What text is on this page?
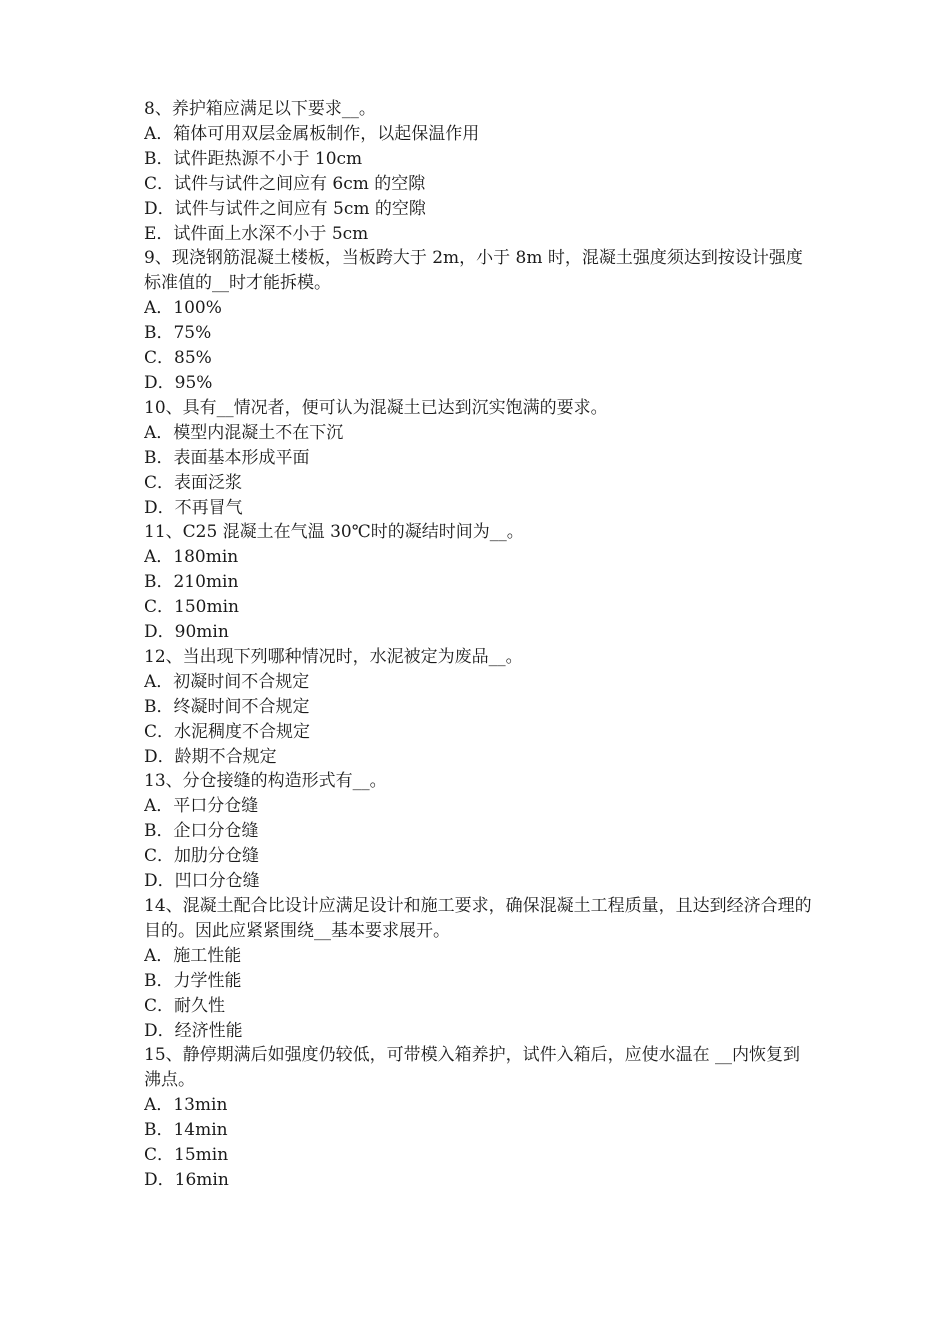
8、养护箱应满足以下要求__。
A．箱体可用双层金属板制作，以起保温作用
B．试件距热源不小于 10cm
C．试件与试件之间应有 6cm 的空隙
D．试件与试件之间应有 5cm 的空隙
E．试件面上水深不小于 5cm
9、现浇钢筋混凝土楼板，当板跨大于 2m，小于 8m 时，混凝土强度须达到按设计强度标准值的__时才能拆模。
A．100%
B．75%
C．85%
D．95%
10、具有__情况者，便可认为混凝土已达到沉实饱满的要求。
A．模型内混凝土不在下沉
B．表面基本形成平面
C．表面泛浆
D．不再冒气
11、C25 混凝土在气温 30℃时的凝结时间为__。
A．180min
B．210min
C．150min
D．90min
12、当出现下列哪种情况时，水泥被定为废品__。
A．初凝时间不合规定
B．终凝时间不合规定
C．水泥稠度不合规定
D．龄期不合规定
13、分仓接缝的构造形式有__。
A．平口分仓缝
B．企口分仓缝
C．加肋分仓缝
D．凹口分仓缝
14、混凝土配合比设计应满足设计和施工要求，确保混凝土工程质量，且达到经济合理的目的。因此应紧紧围绕__基本要求展开。
A．施工性能
B．力学性能
C．耐久性
D．经济性能
15、静停期满后如强度仍较低，可带模入箱养护，试件入箱后，应使水温在 __内恢复到沸点。
A．13min
B．14min
C．15min
D．16min
